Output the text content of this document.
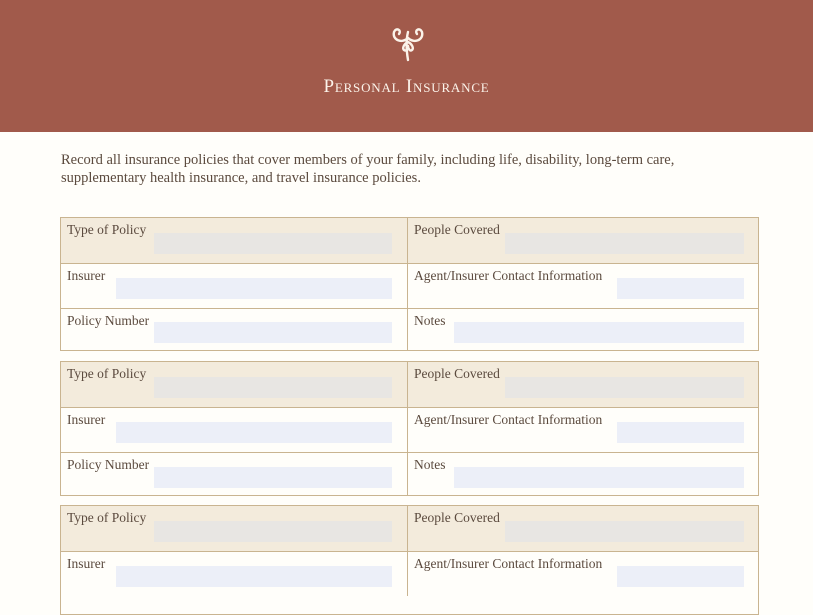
Personal Insurance
Record all insurance policies that cover members of your family, including life, disability, long-term care, supplementary health insurance, and travel insurance policies.
Type of Policy	People Covered
Insurer	Agent/Insurer Contact Information
Policy Number	Notes
Type of Policy	People Covered
Insurer	Agent/Insurer Contact Information
Policy Number	Notes
Type of Policy	People Covered
Insurer	Agent/Insurer Contact Information
